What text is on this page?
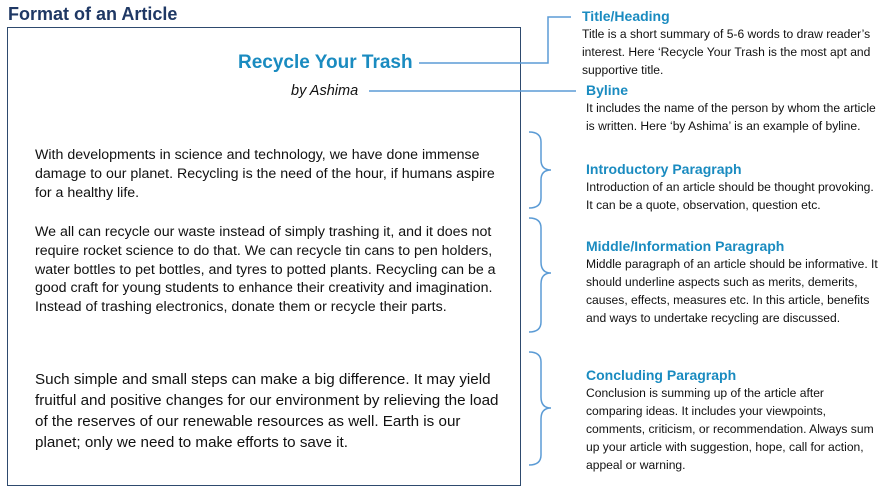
Format of an Article
Recycle Your Trash
by Ashima

With developments in science and technology, we have done immense damage to our planet. Recycling is the need of the hour, if humans aspire for a healthy life.

We all can recycle our waste instead of simply trashing it, and it does not require rocket science to do that. We can recycle tin cans to pen holders, water bottles to pet bottles, and tyres to potted plants. Recycling can be a good craft for young students to enhance their creativity and imagination. Instead of trashing electronics, donate them or recycle their parts.

Such simple and small steps can make a big difference. It may yield fruitful and positive changes for our environment by relieving the load of the reserves of our renewable resources as well. Earth is our planet; only we need to make efforts to save it.

Title/Heading
Title is a short summary of 5-6 words to draw reader’s interest. Here ‘Recycle Your Trash is the most apt and supportive title.
Byline
It includes the name of the person by whom the article is written. Here ‘by Ashima’ is an example of byline.
Introductory Paragraph
Introduction of an article should be thought provoking. It can be a quote, observation, question etc.
Middle/Information Paragraph
Middle paragraph of an article should be informative. It should underline aspects such as merits, demerits, causes, effects, measures etc. In this article, benefits and ways to undertake recycling are discussed.
Concluding Paragraph
Conclusion is summing up of the article after comparing ideas. It includes your viewpoints, comments, criticism, or recommendation. Always sum up your article with suggestion, hope, call for action, appeal or warning.
